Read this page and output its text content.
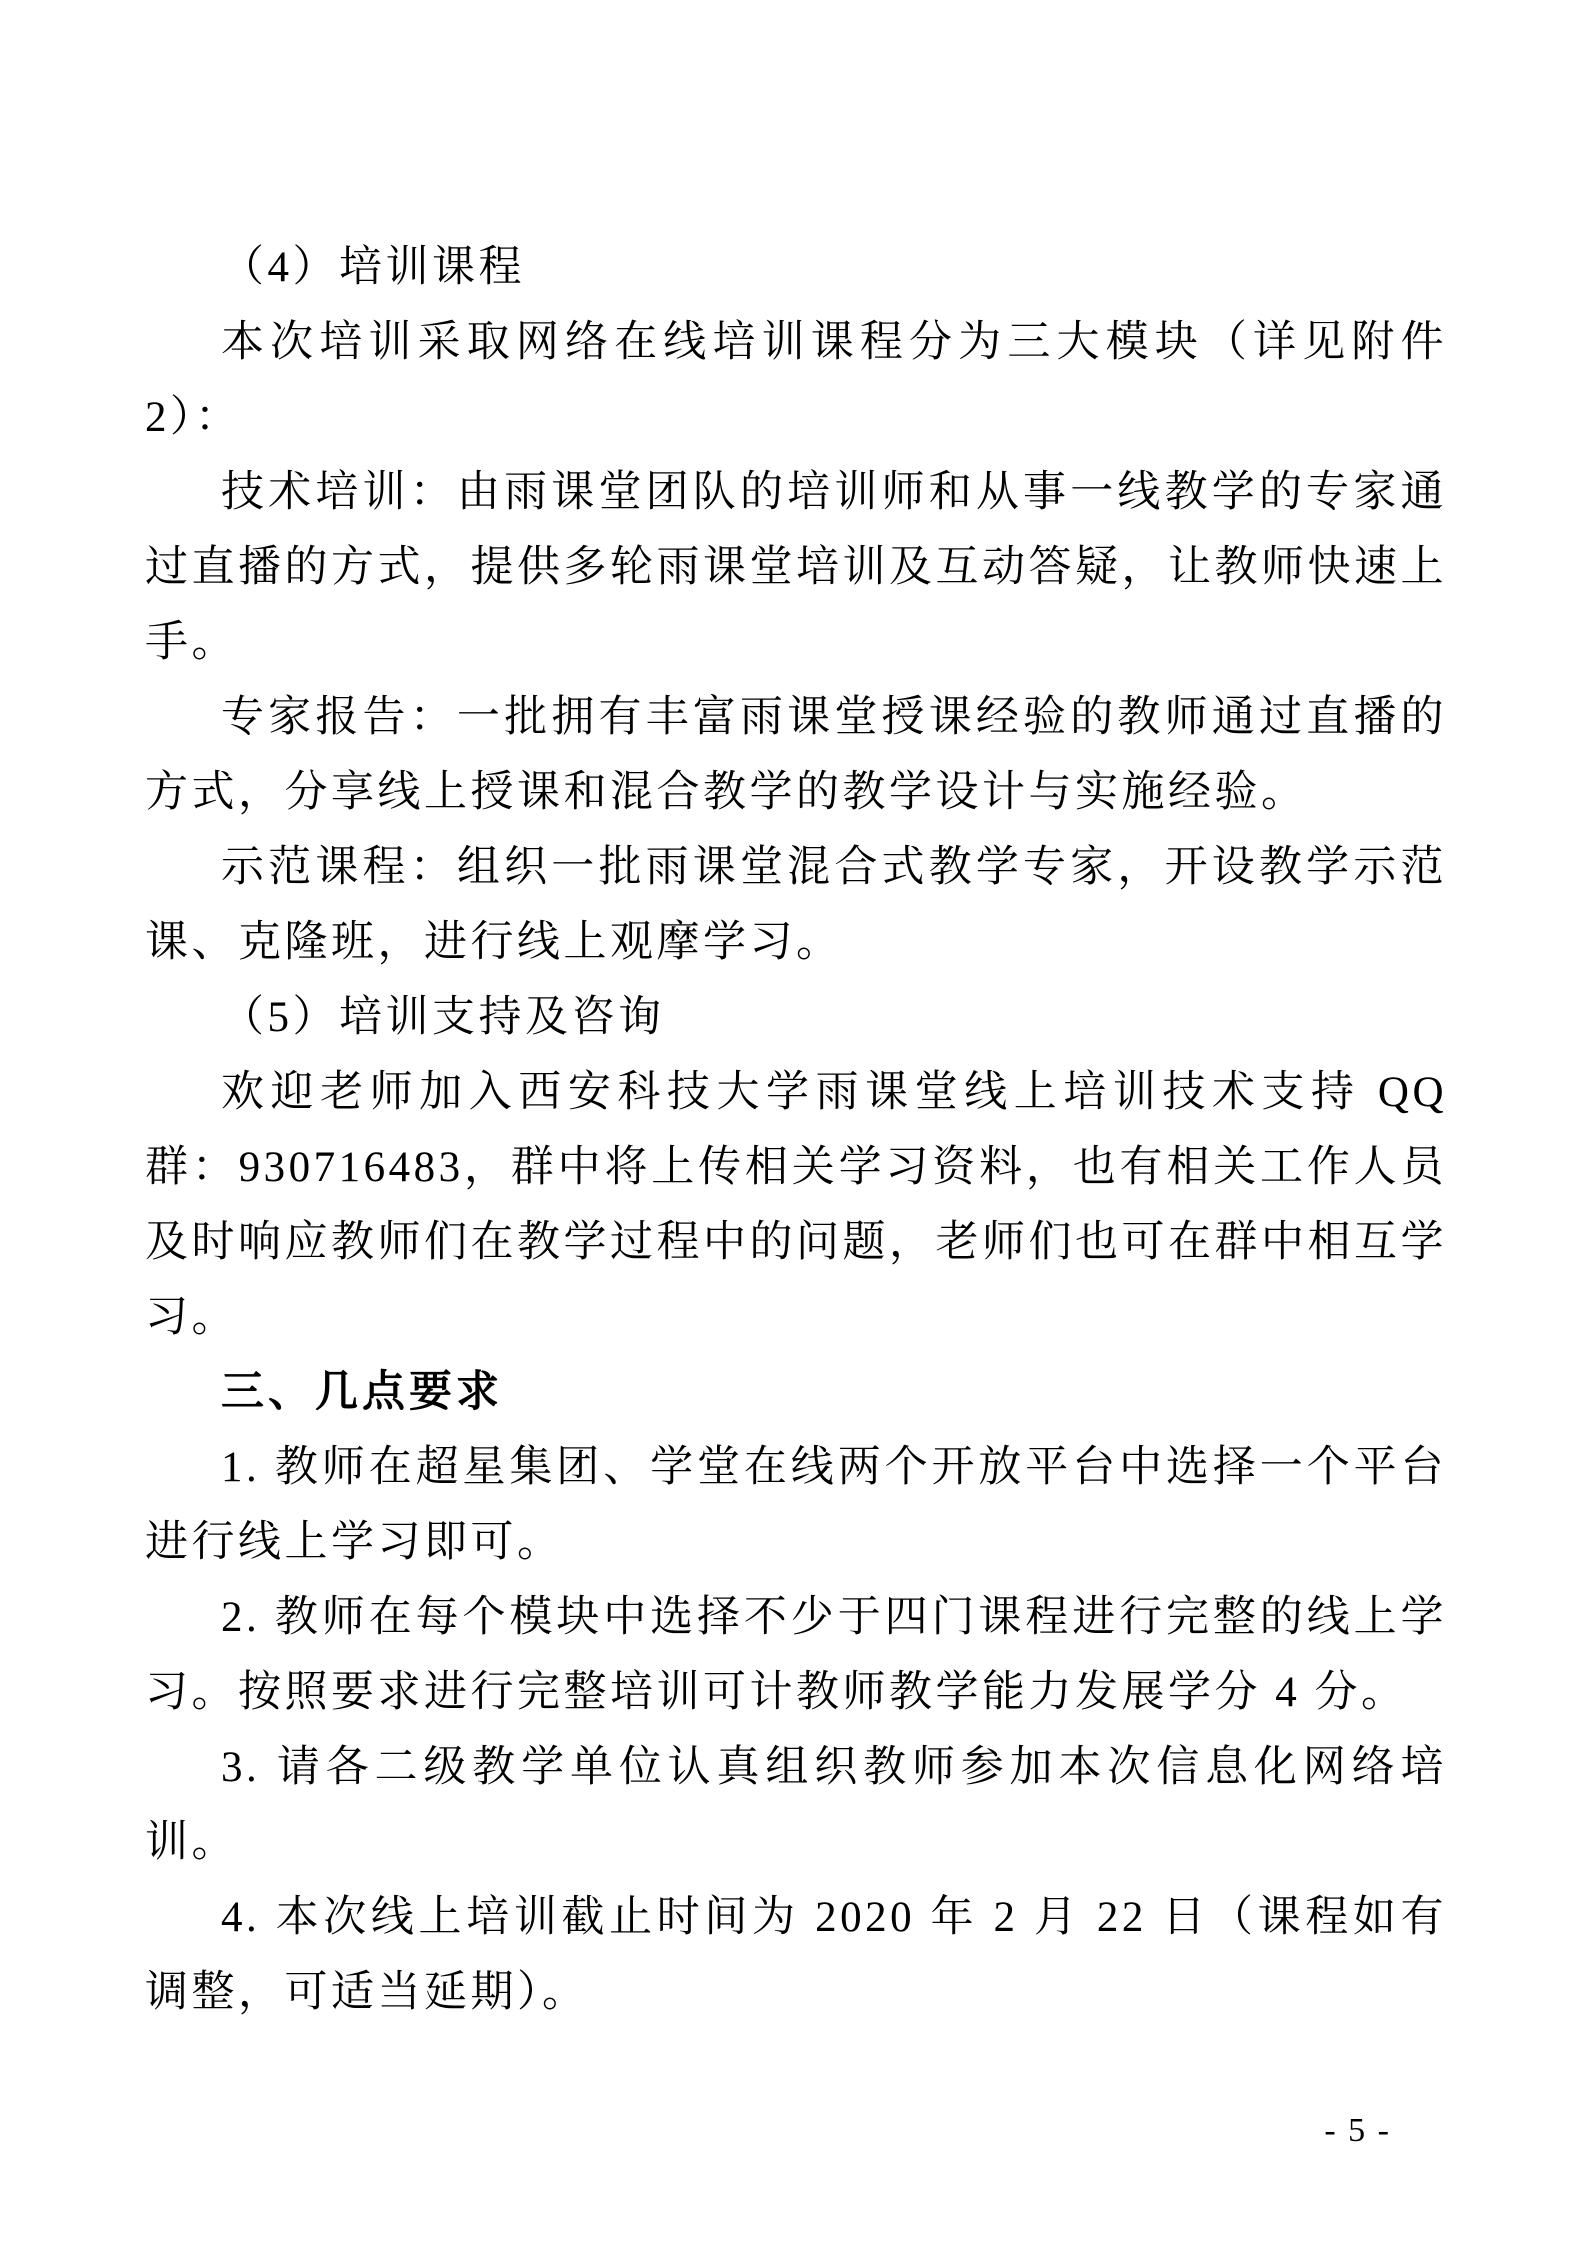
（4）培训课程

本次培训采取网络在线培训课程分为三大模块（详见附件2）：

技术培训：由雨课堂团队的培训师和从事一线教学的专家通过直播的方式，提供多轮雨课堂培训及互动答疑，让教师快速上手。

专家报告：一批拥有丰富雨课堂授课经验的教师通过直播的方式，分享线上授课和混合教学的教学设计与实施经验。

示范课程：组织一批雨课堂混合式教学专家，开设教学示范课、克隆班，进行线上观摩学习。

（5）培训支持及咨询

欢迎老师加入西安科技大学雨课堂线上培训技术支持 QQ 群：930716483，群中将上传相关学习资料，也有相关工作人员及时响应教师们在教学过程中的问题，老师们也可在群中相互学习。

三、几点要求

1. 教师在超星集团、学堂在线两个开放平台中选择一个平台进行线上学习即可。

2. 教师在每个模块中选择不少于四门课程进行完整的线上学习。按照要求进行完整培训可计教师教学能力发展学分 4 分。

3. 请各二级教学单位认真组织教师参加本次信息化网络培训。

4. 本次线上培训截止时间为 2020 年 2 月 22 日（课程如有调整，可适当延期）。

- 5 -
